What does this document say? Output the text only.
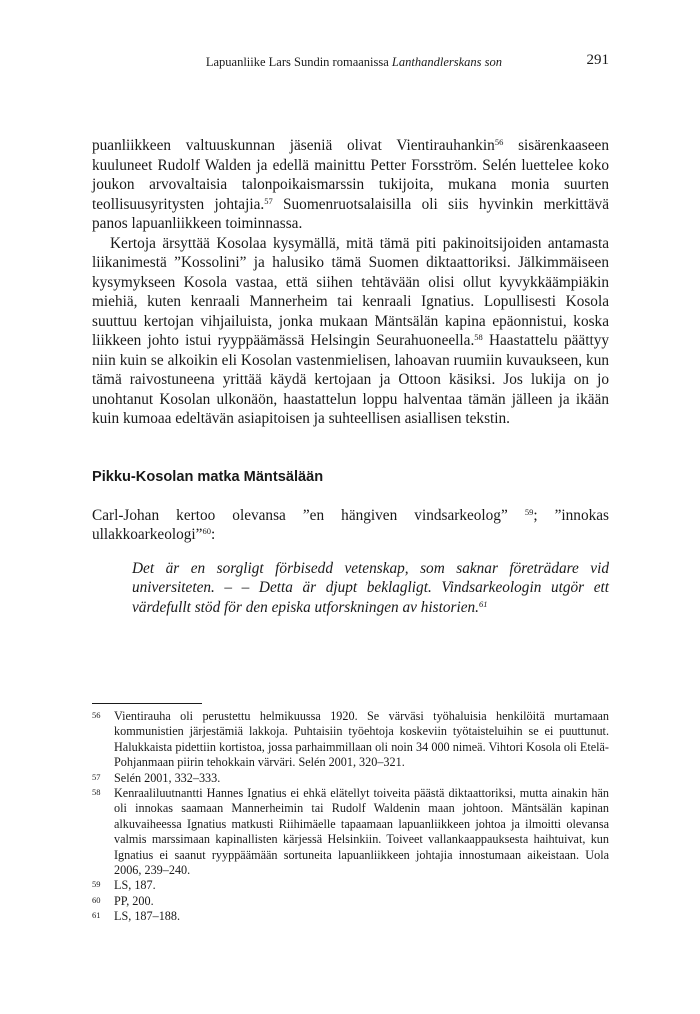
Lapuanliike Lars Sundin romaanissa Lanthandlerskans son	291

puanliikkeen valtuuskunnan jäseniä olivat Vientirauhankin$^{56}$ sisärenkaaseen kuuluneet Rudolf Walden ja edellä mainittu Petter Forsström. Selén luettelee koko joukon arvovaltaisia talonpoikaismarssin tukijoita, mukana monia suurten teollisuusyritysten johtajia.$^{57}$ Suomenruotsalaisilla oli siis hyvinkin merkittävä panos lapuanliikkeen toiminnassa.

Kertoja ärsyttää Kosolaa kysymällä, mitä tämä piti pakinoitsijoiden antamasta liikanimestä ”Kossolini” ja halusiko tämä Suomen diktaattoriksi. Jälkimmäiseen kysymykseen Kosola vastaa, että siihen tehtävään olisi ollut kyvykkäämpiäkin miehiä, kuten kenraali Mannerheim tai kenraali Ignatius. Lopullisesti Kosola suuttuu kertojan vihjailuista, jonka mukaan Mäntsälän kapina epäonnistui, koska liikkeen johto istui ryyppäämässä Helsingin Seurahuoneella.$^{58}$ Haastattelu päättyy niin kuin se alkoikin eli Kosolan vastenmielisen, lahoavan ruumiin kuvaukseen, kun tämä raivostuneena yrittää käydä kertojaan ja Ottoon käsiksi. Jos lukija on jo unohtanut Kosolan ulkonäön, haastattelun loppu halventaa tämän jälleen ja ikään kuin kumoaa edeltävän asiapitoisen ja suhteellisen asiallisen tekstin.

Pikku-Kosolan matka Mäntsälään

Carl-Johan kertoo olevansa ”en hängiven vindsarkeolog” $^{59}$; ”innokas ullakkoarkeologi”$^{60}$:

Det är en sorgligt förbisedd vetenskap, som saknar företrädare vid universiteten. – – Detta är djupt beklagligt. Vindsarkeologin utgör ett värdefullt stöd för den episka utforskningen av historien.$^{61}$
56	Vientirauha oli perustettu helmikuussa 1920. Se värväsi työhaluisia henkilöitä murtamaan kommunistien järjestämiä lakkoja. Puhtaisiin työehtoja koskeviin työtaisteluihin se ei puuttunut. Halukkaista pidettiin kortistoa, jossa parhaimmillaan oli noin 34 000 nimeä. Vihtori Kosola oli Etelä-Pohjanmaan piirin tehokkain värväri. Selén 2001, 320–321.
57	Selén 2001, 332–333.
58	Kenraaliluutnantti Hannes Ignatius ei ehkä elätellyt toiveita päästä diktaattoriksi, mutta ainakin hän oli innokas saamaan Mannerheimin tai Rudolf Waldenin maan johtoon. Mäntsälän kapinan alkuvaiheessa Ignatius matkusti Riihimäelle tapaamaan lapuanliikkeen johtoa ja ilmoitti olevansa valmis marssimaan kapinallisten kärjessä Helsinkiin. Toiveet vallankaappauksesta haihtuivat, kun Ignatius ei saanut ryyppäämään sortuneita lapuanliikkeen johtajia innostumaan aikeistaan. Uola 2006, 239–240.
59	LS, 187.
60	PP, 200.
61	LS, 187–188.
